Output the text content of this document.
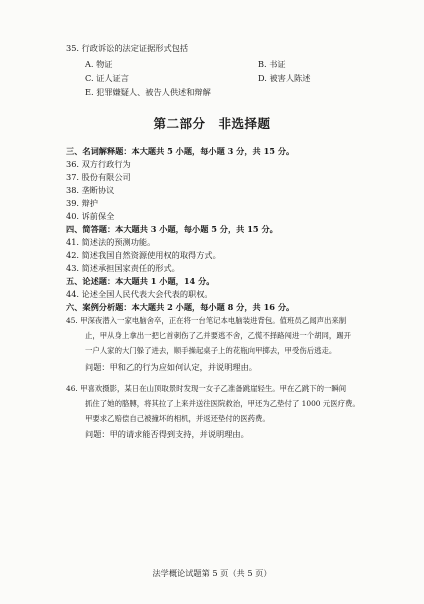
35. 行政诉讼的法定证据形式包括
A. 物证	B. 书证
C. 证人证言	D. 被害人陈述
E. 犯罪嫌疑人、被告人供述和辩解
第二部分　非选择题
三、名词解释题：本大题共 5 小题，每小题 3 分，共 15 分。
36. 双方行政行为
37. 股份有限公司
38. 垄断协议
39. 辩护
40. 诉前保全
四、简答题：本大题共 3 小题，每小题 5 分，共 15 分。
41. 简述法的预测功能。
42. 简述我国自然资源使用权的取得方式。
43. 简述承担国家责任的形式。
五、论述题：本大题共 1 小题，14 分。
44. 论述全国人民代表大会代表的职权。
六、案例分析题：本大题共 2 小题，每小题 8 分，共 16 分。
45. 甲深夜潜入一家电脑舍卒，正在将一台笔记本电脑装进背包。值班员乙闻声出来制
止，甲从身上拿出一把匕首刺伤了乙并要逃不舍，乙慌不择路闯进一个胡同，踢开
一户人家的大门躲了进去，顺手操起桌子上的花瓶向甲掷去，甲受伤后逃走。
问题：甲和乙的行为应如何认定，并说明理由。
46. 甲喜欢摄影，某日在山顶取景时发现一女子乙准备跳崖轻生。甲在乙跳下的一瞬间
抓住了她的胳膊，将其拉了上来并送往医院救治，甲还为乙垫付了 1000 元医疗费。
甲要求乙赔偿自己被撞坏的相机，并返还垫付的医药费。
问题：甲的请求能否得到支持，并说明理由。
法学概论试题第 5 页（共 5 页）
